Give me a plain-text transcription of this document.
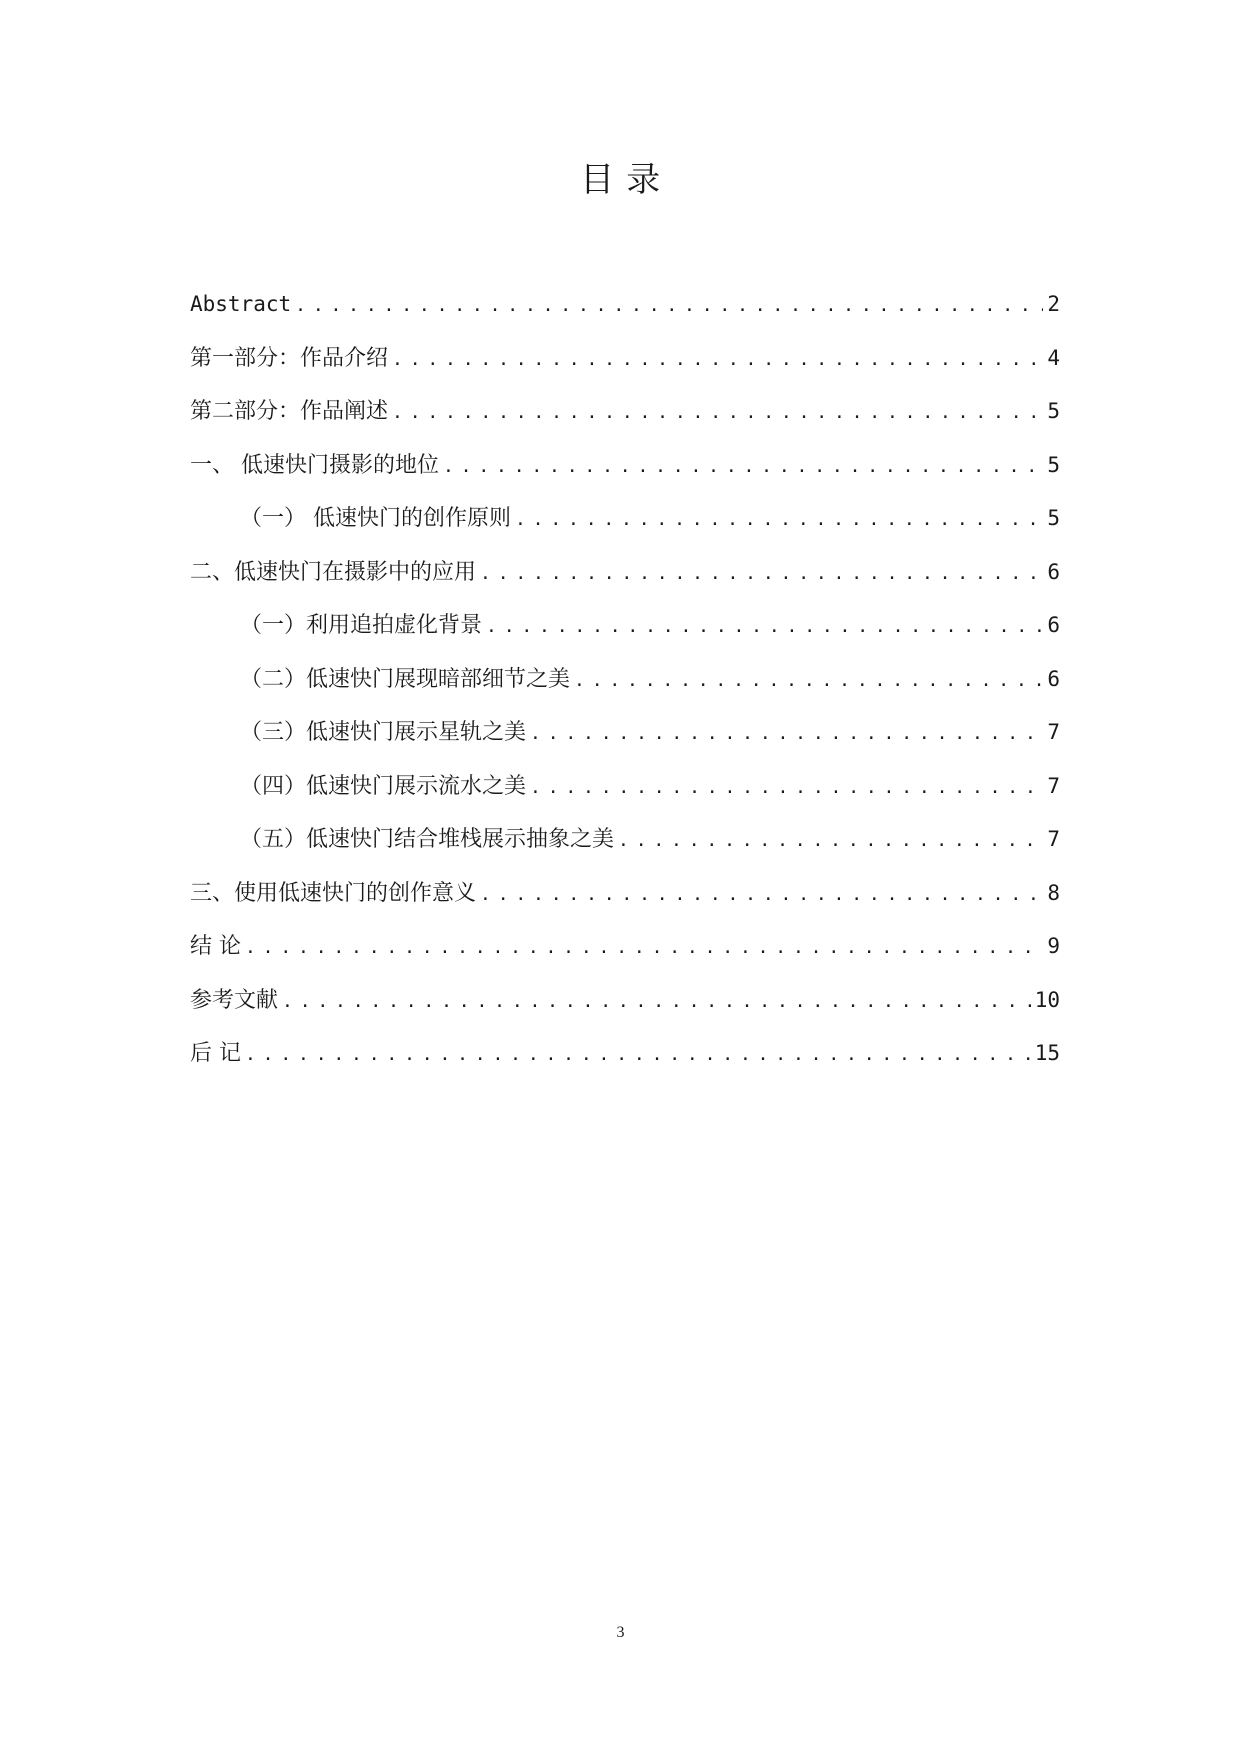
目 录
Abstract .....	2
第一部分：作品介绍 .....	4
第二部分：作品阐述 .....	5
一、 低速快门摄影的地位 .....	5
（一） 低速快门的创作原则 .....	5
二、低速快门在摄影中的应用 .....	6
（一）利用追拍虚化背景 .....	6
（二）低速快门展现暗部细节之美 .....	6
（三）低速快门展示星轨之美 .....	7
（四）低速快门展示流水之美 .....	7
（五）低速快门结合堆栈展示抽象之美 .....	7
三、使用低速快门的创作意义 .....	8
结 论 .....	9
参考文献 .....	10
后 记 .....	15
3
